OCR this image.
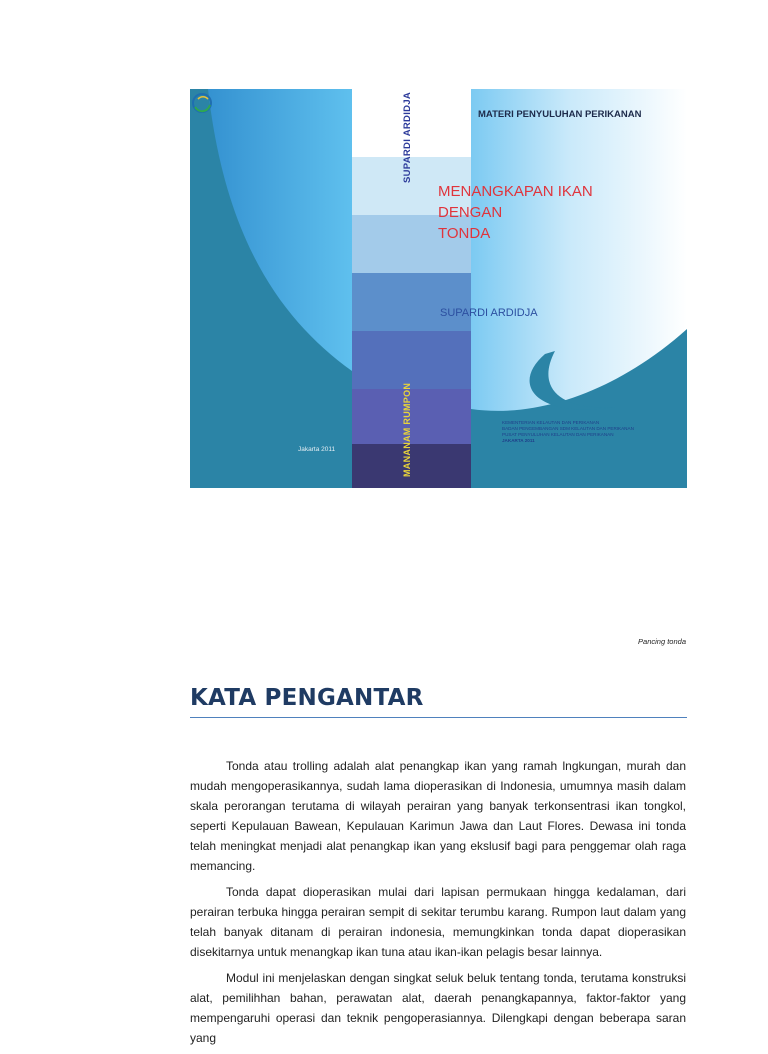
SUPARDI ARDIDJA
MANANAM RUMPON
MATERI PENYULUHAN PERIKANAN
MENANGKAPAN IKAN
DENGAN
TONDA
SUPARDI ARDIDJA
Jakarta 2011
KEMENTERIAN KELAUTAN DAN PERIKANAN
BADAN PENGEMBANGAN SDM KELAUTAN DAN PERIKANAN
PUSAT PENYULUHAN KELAUTAN DAN PERIKANAN
JAKARTA 2011
Pancing tonda
KATA PENGANTAR

Tonda atau trolling adalah alat penangkap ikan yang ramah lngkungan, murah dan mudah mengoperasikannya, sudah lama dioperasikan di Indonesia, umumnya masih dalam skala perorangan terutama di wilayah perairan yang banyak terkonsentrasi ikan tongkol, seperti Kepulauan Bawean, Kepulauan Karimun Jawa dan Laut Flores. Dewasa ini tonda telah meningkat menjadi alat penangkap ikan yang ekslusif bagi para penggemar olah raga memancing.

Tonda dapat dioperasikan mulai dari lapisan permukaan hingga kedalaman, dari perairan terbuka hingga perairan sempit di sekitar terumbu karang. Rumpon laut dalam yang telah banyak ditanam di perairan indonesia, memungkinkan tonda dapat dioperasikan disekitarnya untuk menangkap ikan tuna atau ikan-ikan pelagis besar lainnya.

Modul ini menjelaskan dengan singkat seluk beluk tentang tonda, terutama konstruksi alat, pemilihhan bahan, perawatan alat, daerah penangkapannya, faktor-faktor yang mempengaruhi operasi dan teknik pengoperasiannya. Dilengkapi dengan beberapa saran yang
